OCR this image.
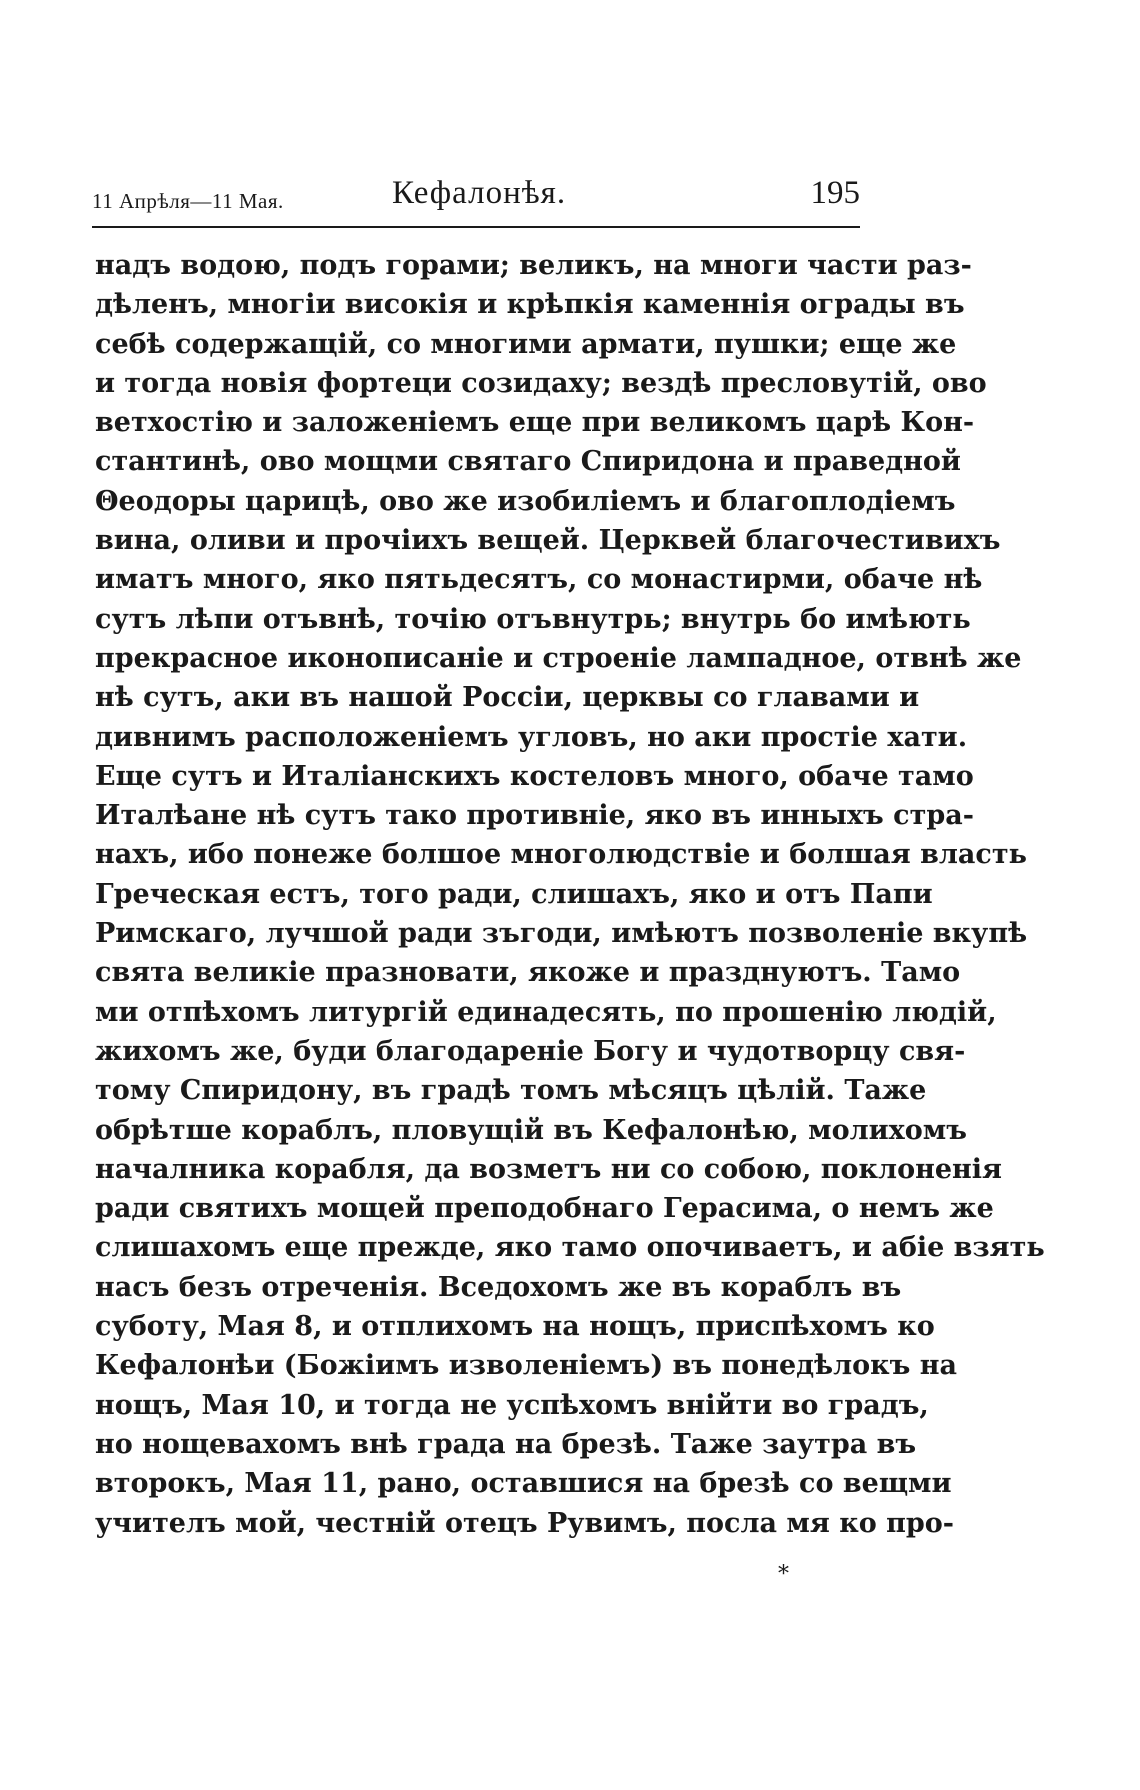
11 Апрѣля—11 Мая.	Кефалонѣя.	195
надъ водою, подъ горами; великъ, на многи части раз-
дѣленъ, многіи високія и крѣпкія каменнія ограды въ
себѣ содержащій, со многими армати, пушки; еще же
и тогда новія фортеци созидаху; вездѣ пресловутій, ово
ветхостію и заложеніемъ еще при великомъ царѣ Кон-
стантинѣ, ово мощми святаго Спиридона и праведной
Θеодоры царицѣ, ово же изобиліемъ и благоплодіемъ
вина, оливи и прочіихъ вещей. Церквей благочестивихъ
иматъ много, яко пятьдесятъ, со монастирми, обаче нѣ
сутъ лѣпи отъвнѣ, точію отъвнутрь; внутрь бо имѣють
прекрасное иконописаніе и строеніе лампадное, отвнѣ же
нѣ сутъ, аки въ нашой Россіи, церквы со главами и
дивнимъ расположеніемъ угловъ, но аки простіе хати.
Еще сутъ и Италіанскихъ костеловъ много, обаче тамо
Италѣане нѣ сутъ тако противніе, яко въ инныхъ стра-
нахъ, ибо понеже болшое многолюдствіе и болшая власть
Греческая естъ, того ради, слишахъ, яко и отъ Папи
Римскаго, лучшой ради зъгоди, имѣютъ позволеніе вкупѣ
свята великіе празновати, якоже и празднуютъ. Тамо
ми отпѣхомъ литургій единадесять, по прошенію людій,
жихомъ же, буди благодареніе Богу и чудотворцу свя-
тому Спиридону, въ градѣ томъ мѣсяцъ цѣлій. Таже
обрѣтше кораблъ, пловущій въ Кефалонѣю, молихомъ
началника корабля, да возметъ ни со собою, поклоненія
ради святихъ мощей преподобнаго Герасима, о немъ же
слишахомъ еще прежде, яко тамо опочиваетъ, и абіе взять
насъ безъ отреченія. Вседохомъ же въ кораблъ въ
суботу, Мая 8, и отплихомъ на нощъ, приспѣхомъ ко
Кефалонѣи (Божіимъ изволеніемъ) въ понедѣлокъ на
нощъ, Мая 10, и тогда не успѣхомъ внійти во градъ,
но нощевахомъ внѣ града на брезѣ. Таже заутра въ
второкъ, Мая 11, рано, оставшися на брезѣ со вещми
учителъ мой, честній отецъ Рувимъ, посла мя ко про-
*
